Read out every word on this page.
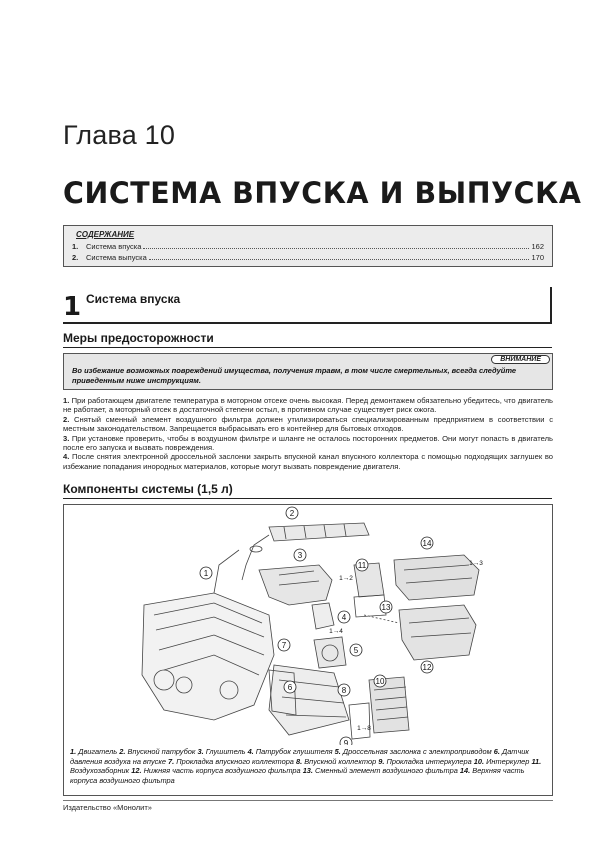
Глава 10
СИСТЕМА ВПУСКА И ВЫПУСКА
СОДЕРЖАНИЕ
1.	Система впуска	162
2.	Система выпуска	170
1 Система впуска
Меры предосторожности
ВНИМАНИЕ
Во избежание возможных повреждений имущества, получения травм, в том числе смертельных, всегда следуйте приведенным ниже инструкциям.

1. При работающем двигателе температура в моторном отсеке очень высокая. Перед демонтажем обязательно убедитесь, что двигатель не работает, а моторный отсек в достаточной степени остыл, в противном случае существует риск ожога.

2. Снятый сменный элемент воздушного фильтра должен утилизироваться специализированным предприятием в соответствии с местным законодательством. Запрещается выбрасывать его в контейнер для бытовых отходов.

3. При установке проверить, чтобы в воздушном фильтре и шланге не осталось посторонних предметов. Они могут попасть в двигатель после его запуска и вызвать повреждения.

4. После снятия электронной дроссельной заслонки закрыть впускной канал впускного коллектора с помощью подходящих заглушек во избежание попадания инородных материалов, которые могут вызвать повреждение двигателя.

Компоненты системы (1,5 л)
1
2
3
4
5
6
7
8
9
10
11
12
13
14
1→3
1→2
1→4
1→8
1. Двигатель 2. Впускной патрубок 3. Глушитель 4. Патрубок глушителя 5. Дроссельная заслонка с электроприводом 6. Датчик давления воздуха на впуске 7. Прокладка впускного коллектора 8. Впускной коллектор 9. Прокладка интеркулера 10. Интеркулер 11. Воздухозаборник 12. Нижняя часть корпуса воздушного фильтра 13. Сменный элемент воздушного фильтра 14. Верхняя часть корпуса воздушного фильтра
Издательство «Монолит»
